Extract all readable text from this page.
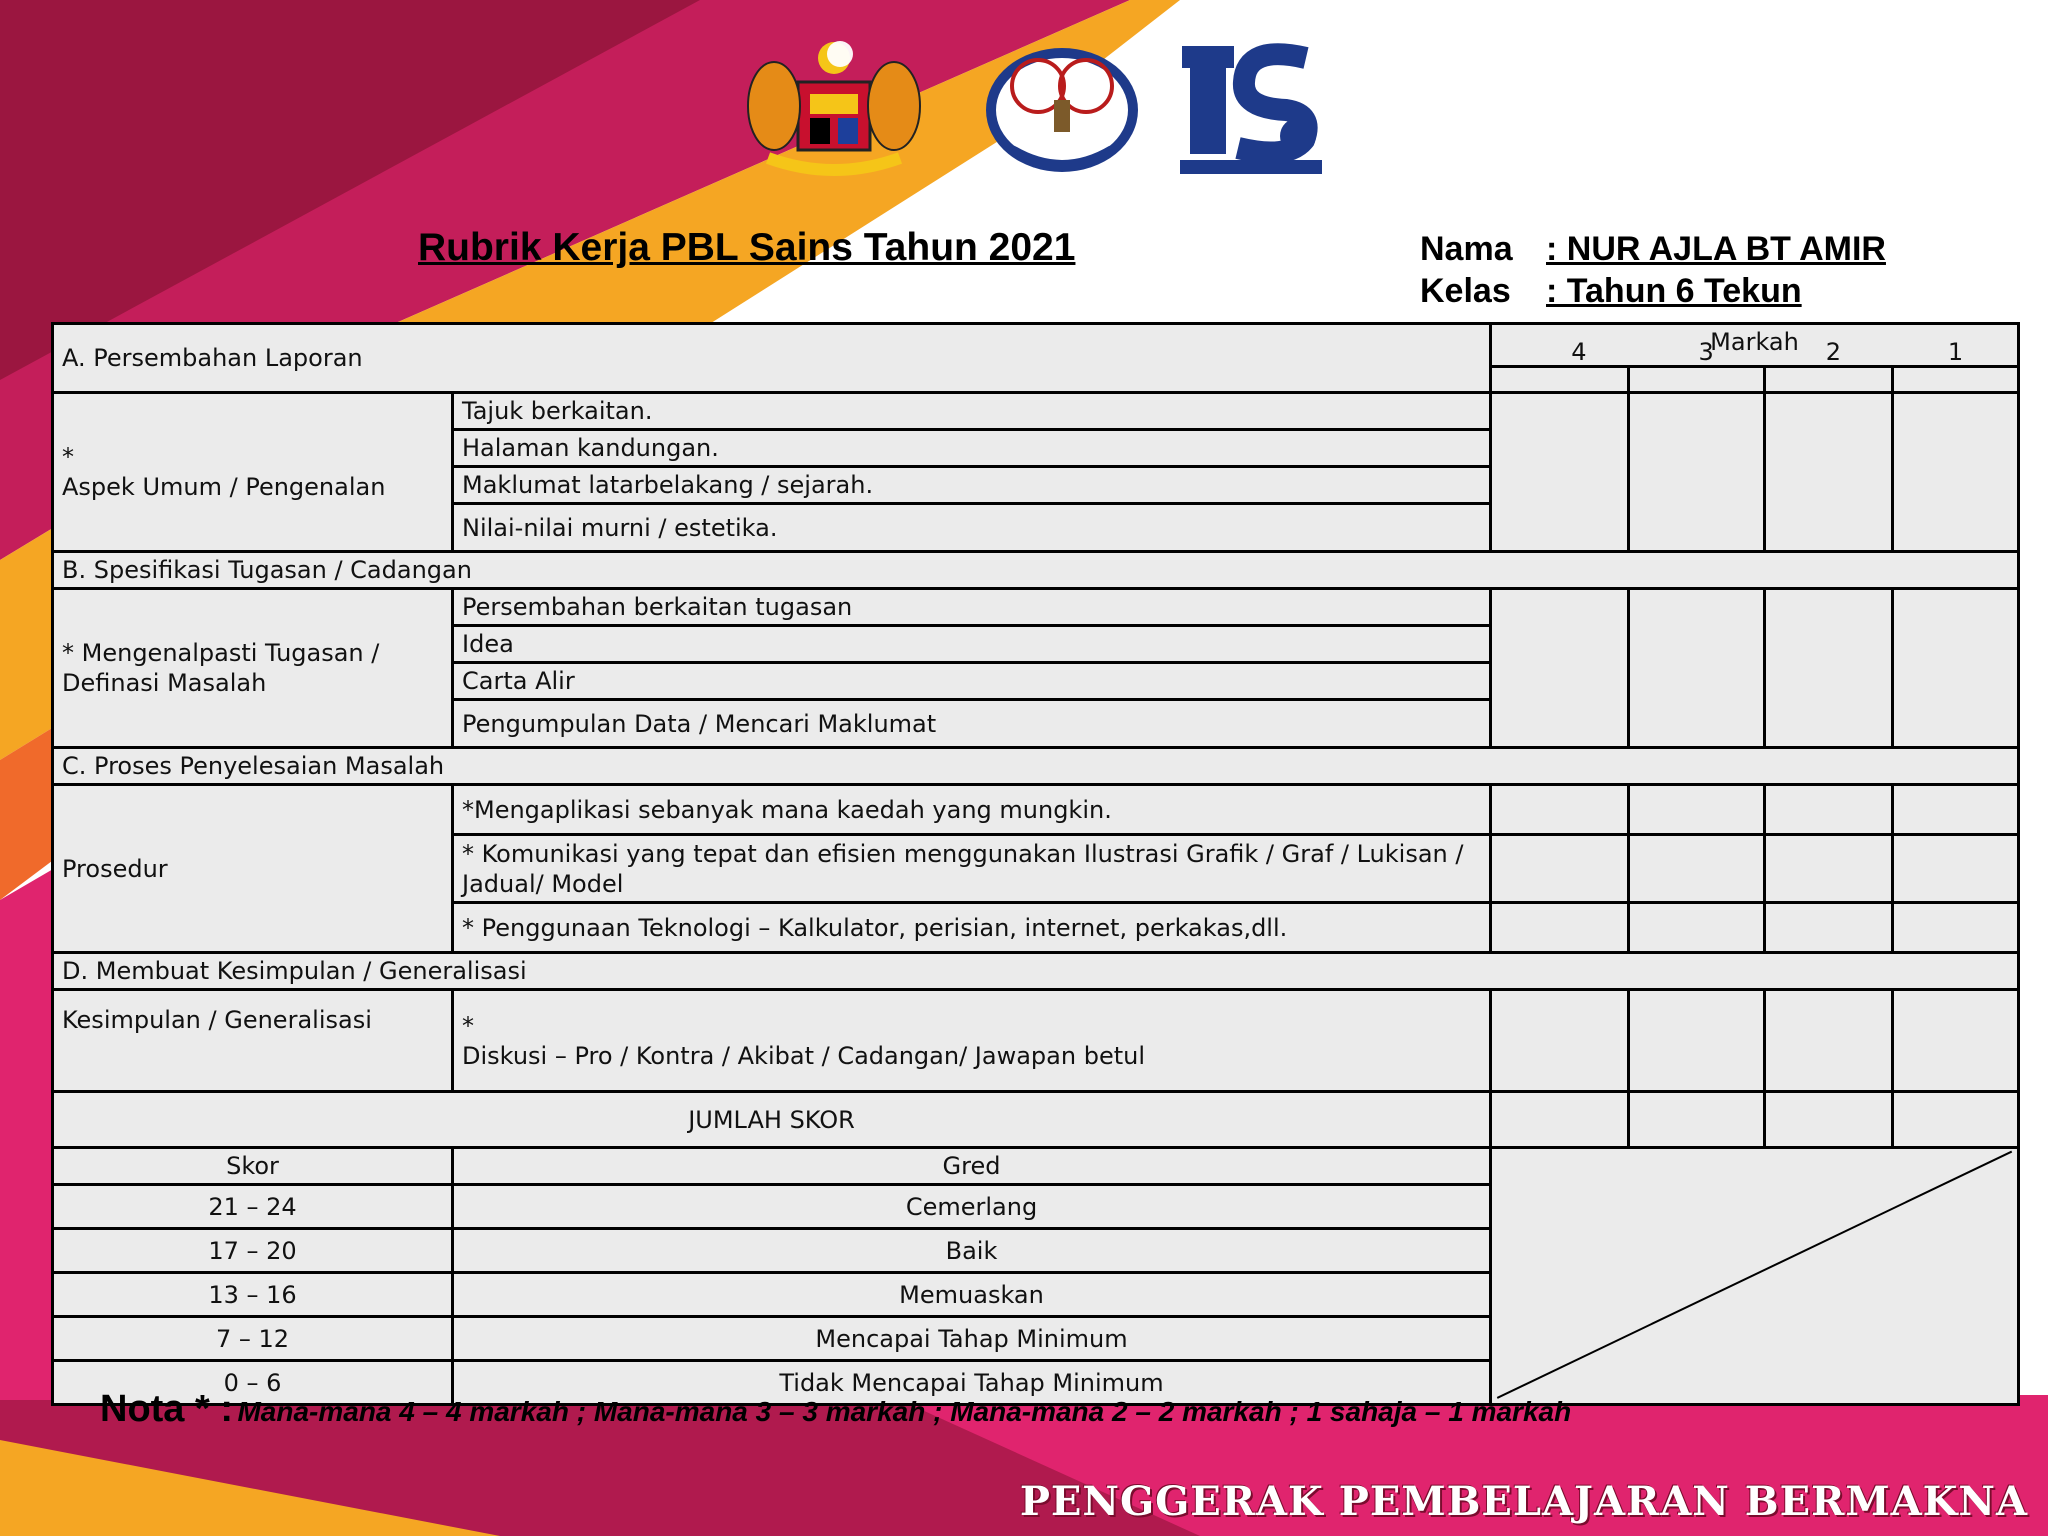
Rubrik Kerja PBL Sains Tahun 2021	Nama : NUR AJLA BT AMIR
Kelas : Tahun 6 Tekun
A. Persembahan Laporan		Markah
4 3 2 1			

*
Aspek Umum / Pengenalan	Tajuk berkaitan.				
	Halaman kandungan.				
	Maklumat latarbelakang / sejarah.				
	Nilai-nilai murni / estetika.				
B. Spesifikasi Tugasan / Cadangan					
* Mengenalpasti Tugasan / Definasi Masalah	Persembahan berkaitan tugasan				
	Idea				
	Carta Alir				
	Pengumpulan Data / Mencari Maklumat				
C. Proses Penyelesaian Masalah					
Prosedur	*Mengaplikasi sebanyak mana kaedah yang mungkin.				
	* Komunikasi yang tepat dan efisien menggunakan Ilustrasi Grafik / Graf / Lukisan / Jadual/ Model				
	* Penggunaan Teknologi – Kalkulator, perisian, internet, perkakas,dll.				
D. Membuat Kesimpulan / Generalisasi					
Kesimpulan / Generalisasi	*
Diskusi – Pro / Kontra / Akibat / Cadangan/ Jawapan betul				

JUMLAH SKOR					
Skor	Gred	

21 – 24	Cemerlang				
17 – 20	Baik				
13 – 16	Memuaskan				
7 – 12	Mencapai Tahap Minimum				
0 – 6	Tidak Mencapai Tahap Minimum				
Nota * : Mana-mana 4 – 4 markah ; Mana-mana 3 – 3 markah ; Mana-mana 2 – 2 markah ; 1 sahaja – 1 markah
PENGGERAK PEMBELAJARAN BERMAKNA
